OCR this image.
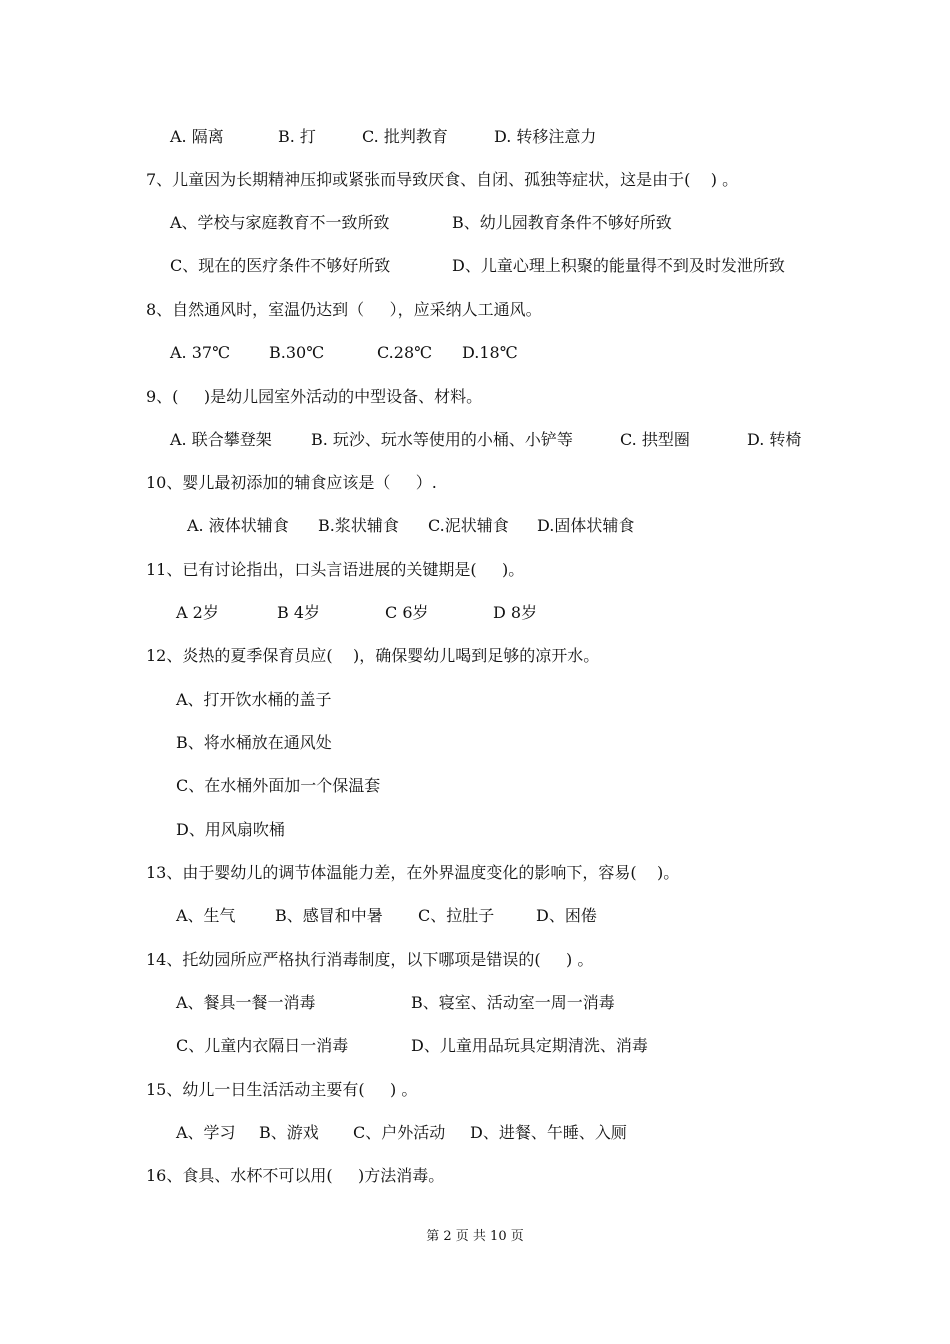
A. 隔离	B. 打	C. 批判教育	D. 转移注意力
7、儿童因为长期精神压抑或紧张而导致厌食、自闭、孤独等症状，这是由于(    ) 。
A、学校与家庭教育不一致所致	B、幼儿园教育条件不够好所致
C、现在的医疗条件不够好所致	D、儿童心理上积聚的能量得不到及时发泄所致
8、自然通风时，室温仍达到（     ），应采纳人工通风。
A. 37℃ B.30℃	C.28℃ D.18℃
9、(     )是幼儿园室外活动的中型设备、材料。
A. 联合攀登架 B. 玩沙、玩水等使用的小桶、小铲等	C. 拱型圈	D. 转椅
10、婴儿最初添加的辅食应该是（     ）.
A. 液体状辅食 B.浆状辅食 C.泥状辅食 D.固体状辅食
11、已有讨论指出，口头言语进展的关键期是(     )。
A 2岁	B 4岁	C 6岁	D 8岁
12、炎热的夏季保育员应(    )，确保婴幼儿喝到足够的凉开水。
A、打开饮水桶的盖子
B、将水桶放在通风处
C、在水桶外面加一个保温套
D、用风扇吹桶
13、由于婴幼儿的调节体温能力差，在外界温度变化的影响下，容易(    )。
A、生气 B、感冒和中暑 C、拉肚子	D、困倦
14、托幼园所应严格执行消毒制度，以下哪项是错误的(     ) 。
A、餐具一餐一消毒	B、寝室、活动室一周一消毒
C、儿童内衣隔日一消毒	D、儿童用品玩具定期清洗、消毒
15、幼儿一日生活活动主要有(     ) 。
A、学习 B、游戏 C、户外活动 D、进餐、午睡、入厕
16、食具、水杯不可以用(     )方法消毒。
第 2 页 共 10 页
